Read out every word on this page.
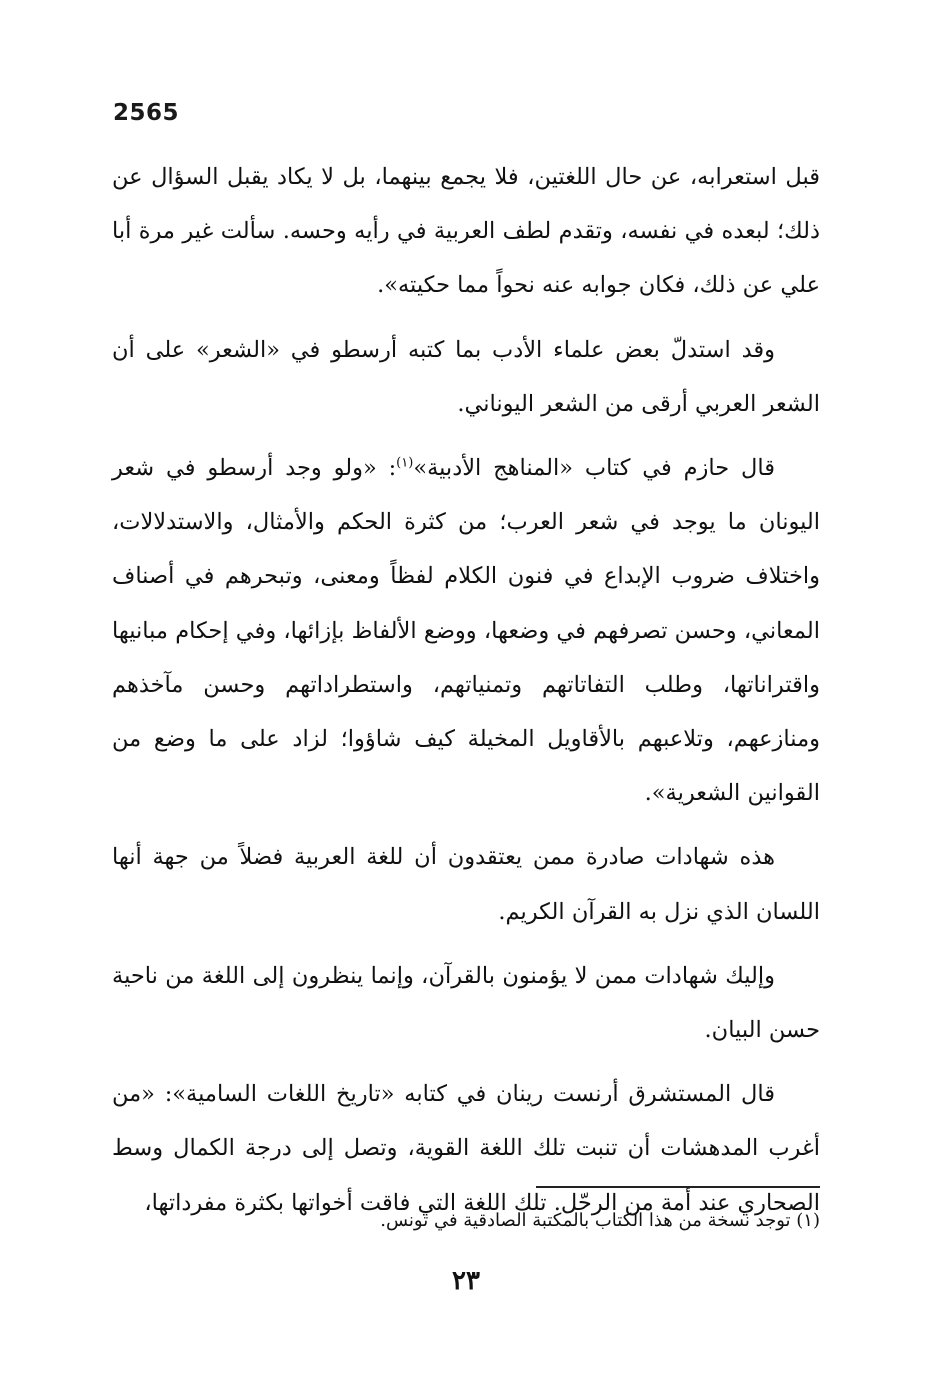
2565

قبل استعرابه، عن حال اللغتين، فلا يجمع بينهما، بل لا يكاد يقبل السؤال عن ذلك؛ لبعده في نفسه، وتقدم لطف العربية في رأيه وحسه. سألت غير مرة أبا علي عن ذلك، فكان جوابه عنه نحواً مما حكيته».

وقد استدلّ بعض علماء الأدب بما كتبه أرسطو في «الشعر» على أن الشعر العربي أرقى من الشعر اليوناني.

قال حازم في كتاب «المناهج الأدبية»$^{(١)}$: «ولو وجد أرسطو في شعر اليونان ما يوجد في شعر العرب؛ من كثرة الحكم والأمثال، والاستدلالات، واختلاف ضروب الإبداع في فنون الكلام لفظاً ومعنى، وتبحرهم في أصناف المعاني، وحسن تصرفهم في وضعها، ووضع الألفاظ بإزائها، وفي إحكام مبانيها واقتراناتها، وطلب التفاتاتهم وتمنياتهم، واستطراداتهم وحسن مآخذهم ومنازعهم، وتلاعبهم بالأقاويل المخيلة كيف شاؤوا؛ لزاد على ما وضع من القوانين الشعرية».

هذه شهادات صادرة ممن يعتقدون أن للغة العربية فضلاً من جهة أنها اللسان الذي نزل به القرآن الكريم.

وإليك شهادات ممن لا يؤمنون بالقرآن، وإنما ينظرون إلى اللغة من ناحية حسن البيان.

قال المستشرق أرنست رينان في كتابه «تاريخ اللغات السامية»: «من أغرب المدهشات أن تنبت تلك اللغة القوية، وتصل إلى درجة الكمال وسط الصحاري عند أمة من الرحّل. تلك اللغة التي فاقت أخواتها بكثرة مفرداتها،

(١) توجد نسخة من هذا الكتاب بالمكتبة الصادقية في تونس.
٢٣
